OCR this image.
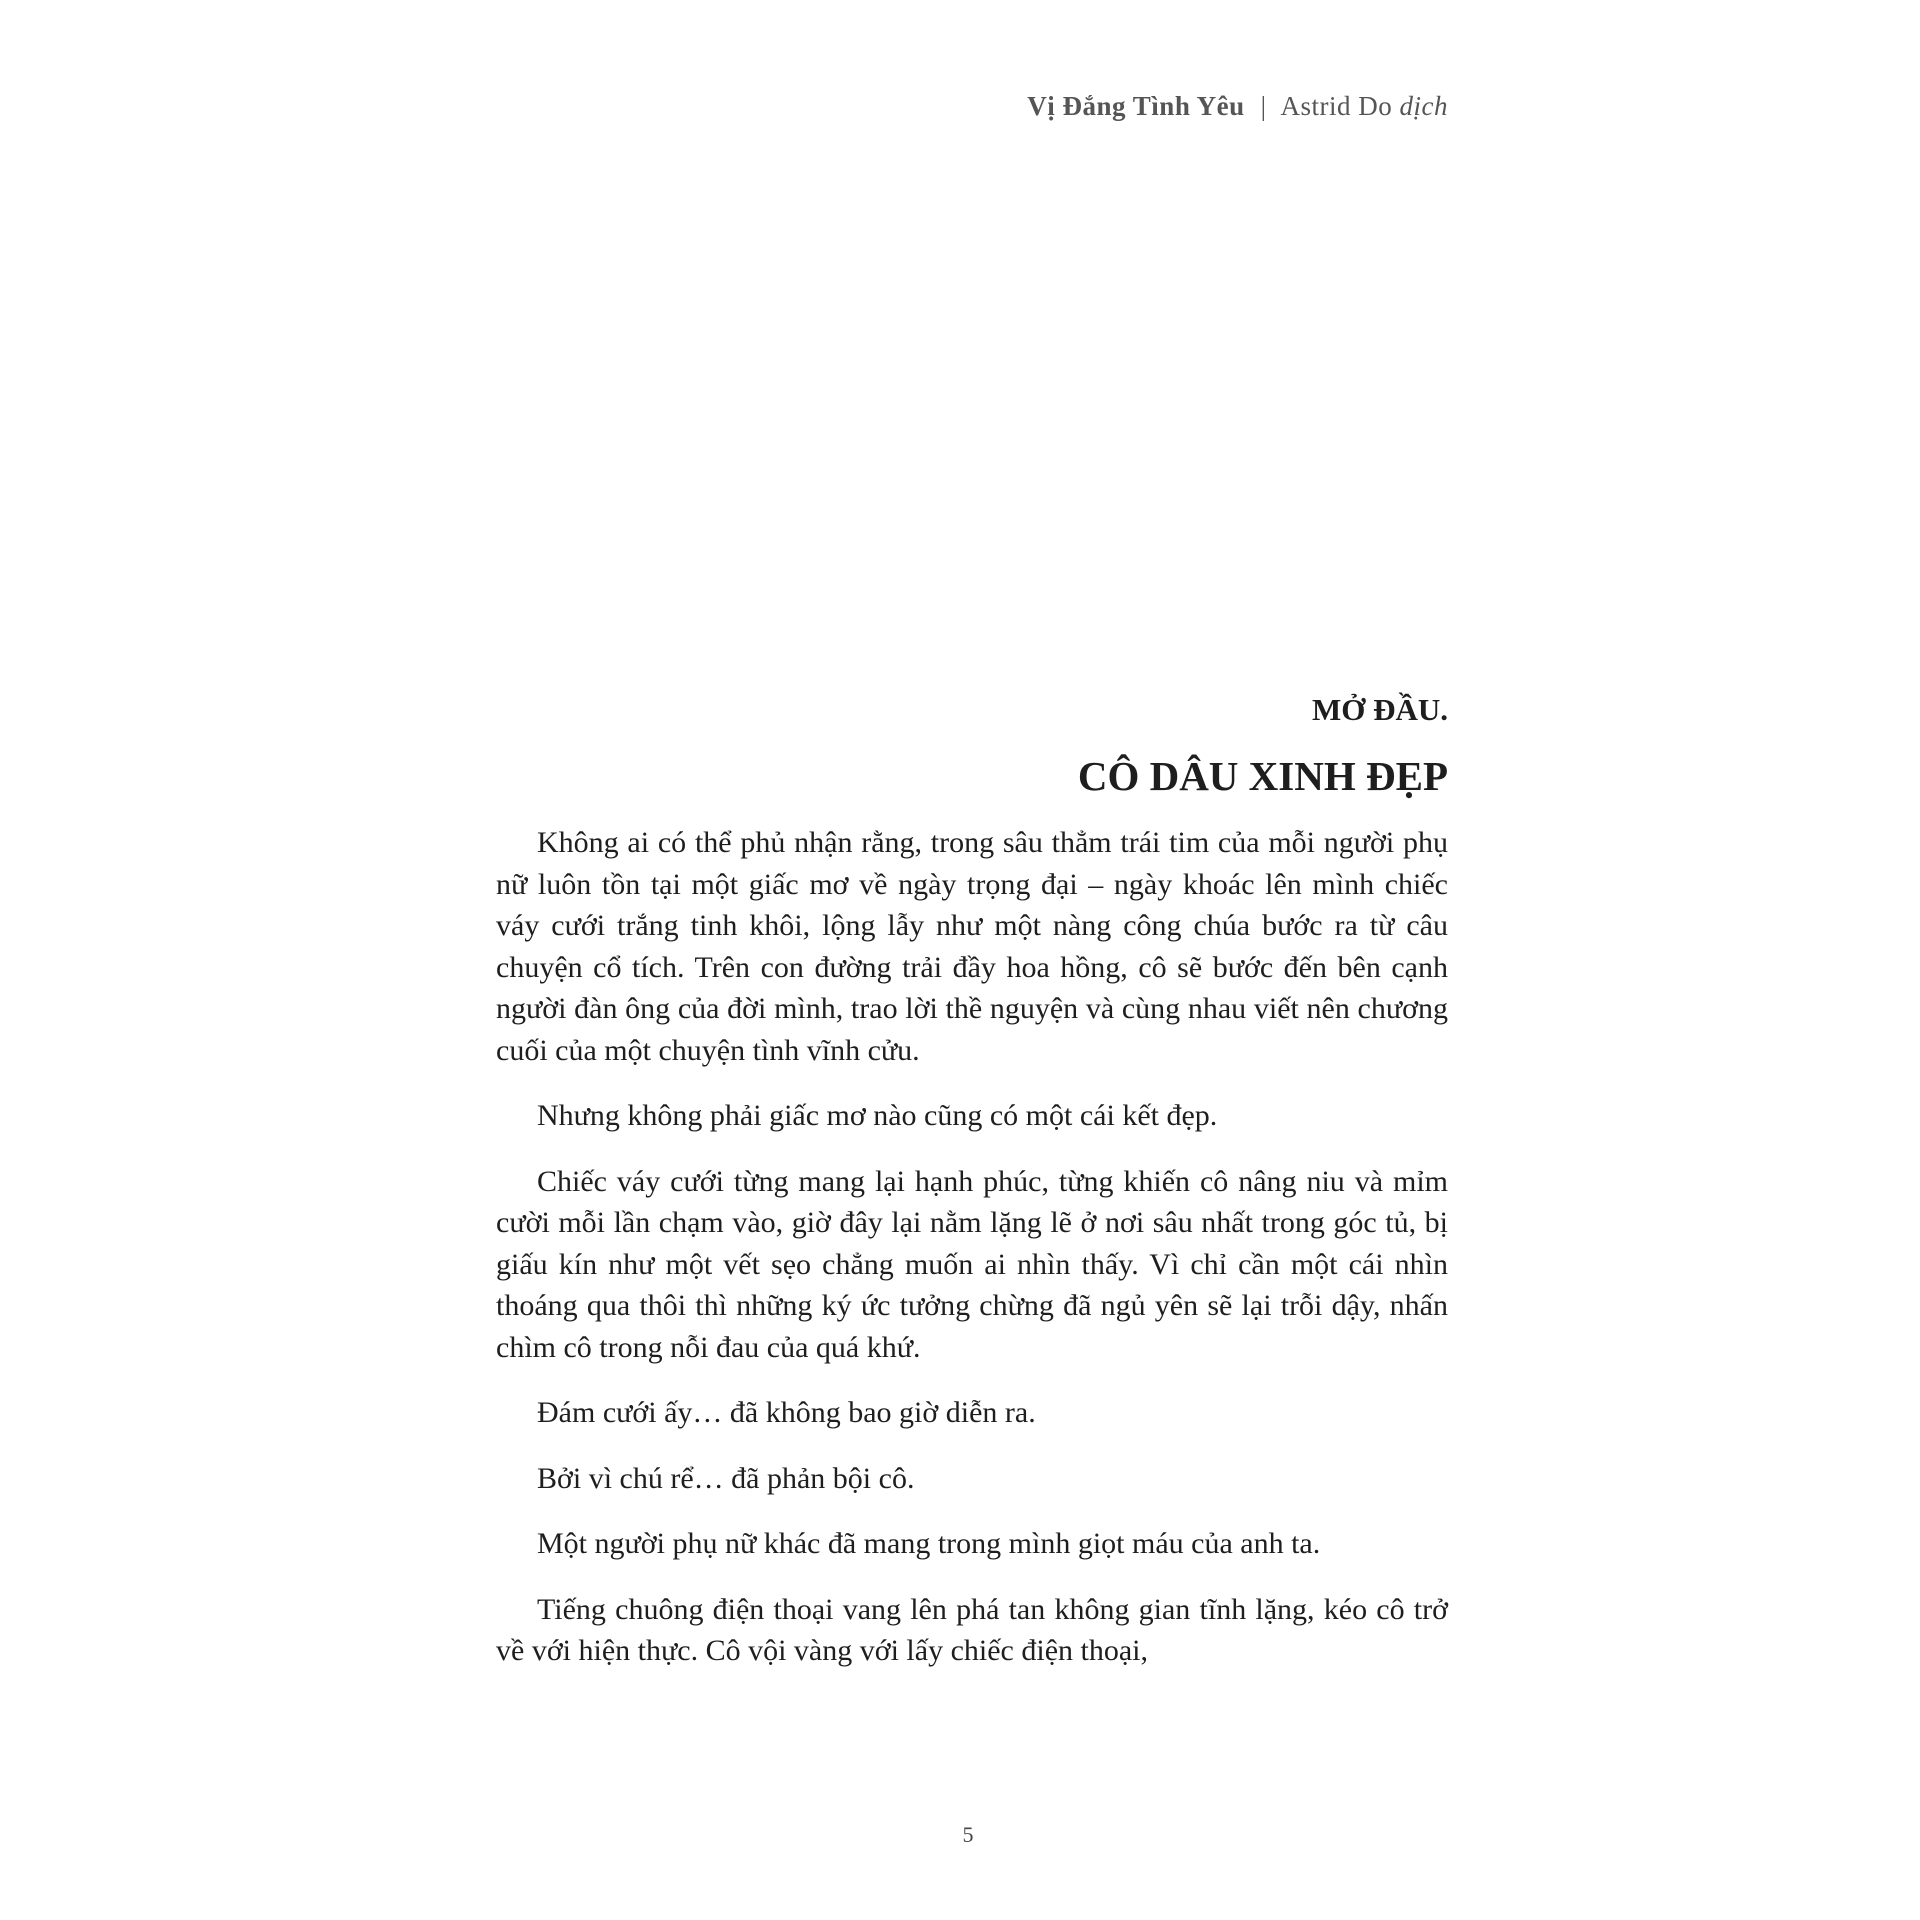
Vị Đắng Tình Yêu | Astrid Do dịch
MỞ ĐẦU.
CÔ DÂU XINH ĐẸP

Không ai có thể phủ nhận rằng, trong sâu thẳm trái tim của mỗi người phụ nữ luôn tồn tại một giấc mơ về ngày trọng đại – ngày khoác lên mình chiếc váy cưới trắng tinh khôi, lộng lẫy như một nàng công chúa bước ra từ câu chuyện cổ tích. Trên con đường trải đầy hoa hồng, cô sẽ bước đến bên cạnh người đàn ông của đời mình, trao lời thề nguyện và cùng nhau viết nên chương cuối của một chuyện tình vĩnh cửu.

Nhưng không phải giấc mơ nào cũng có một cái kết đẹp.

Chiếc váy cưới từng mang lại hạnh phúc, từng khiến cô nâng niu và mỉm cười mỗi lần chạm vào, giờ đây lại nằm lặng lẽ ở nơi sâu nhất trong góc tủ, bị giấu kín như một vết sẹo chẳng muốn ai nhìn thấy. Vì chỉ cần một cái nhìn thoáng qua thôi thì những ký ức tưởng chừng đã ngủ yên sẽ lại trỗi dậy, nhấn chìm cô trong nỗi đau của quá khứ.

Đám cưới ấy… đã không bao giờ diễn ra.

Bởi vì chú rể… đã phản bội cô.

Một người phụ nữ khác đã mang trong mình giọt máu của anh ta.

Tiếng chuông điện thoại vang lên phá tan không gian tĩnh lặng, kéo cô trở về với hiện thực. Cô vội vàng với lấy chiếc điện thoại,

5
